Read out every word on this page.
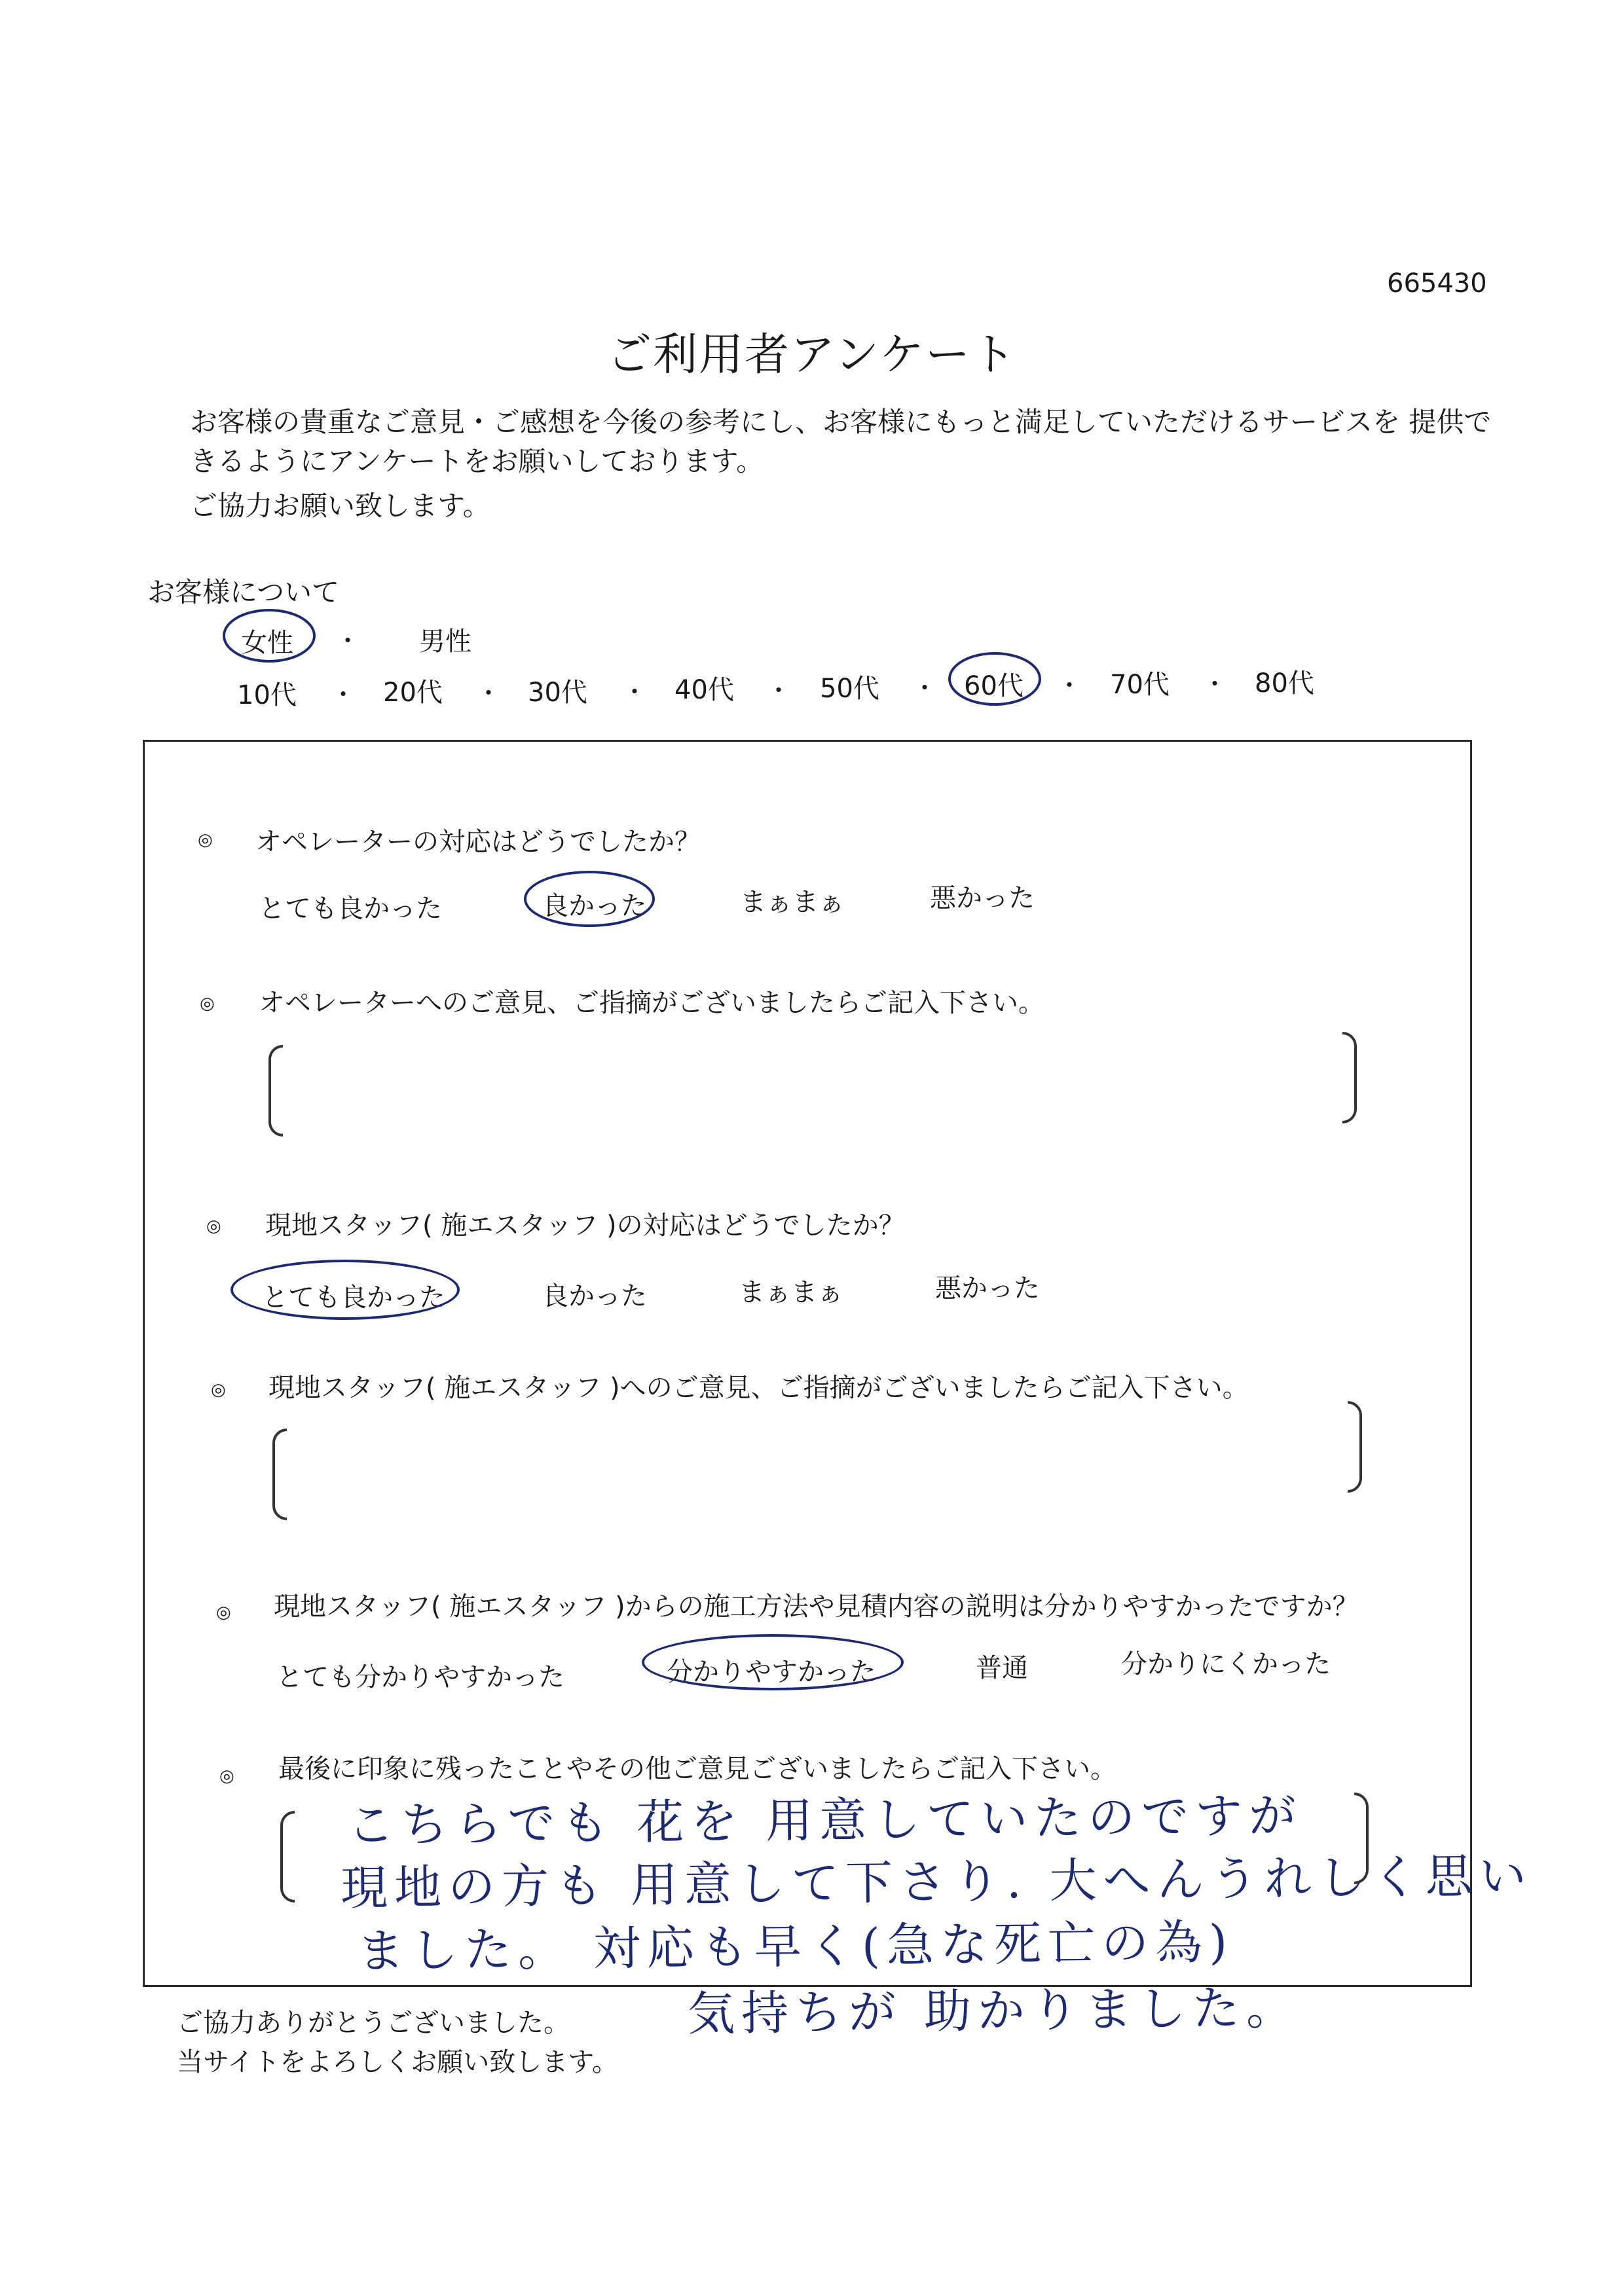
665430
ご利用者アンケート
お客様の貴重なご意見・ご感想を今後の参考にし、お客様にもっと満足していただけるサービスを 提供で
きるようにアンケートをお願いしております。
ご協力お願い致します。
お客様について
女性 ・ 男性
10代 ・ 20代 ・ 30代 ・ 40代 ・ 50代 ・ 60代 ・ 70代 ・ 80代
◎ オペレーターの対応はどうでしたか？
とても良かった	良かった	まぁまぁ	悪かった
◎ オペレーターへのご意見、ご指摘がございましたらご記入下さい。
◎ 現地スタッフ( 施エスタッフ )の対応はどうでしたか？
とても良かった	良かった	まぁまぁ	悪かった
◎ 現地スタッフ( 施エスタッフ )へのご意見、ご指摘がございましたらご記入下さい。
◎ 現地スタッフ( 施エスタッフ )からの施工方法や見積内容の説明は分かりやすかったですか？
とても分かりやすかった	分かりやすかった	普通	分かりにくかった
◎ 最後に印象に残ったことやその他ご意見ございましたらご記入下さい。
こちらでも 花を 用意していたのですが
現地の方も 用意して下さり. 大へんうれしく思い
ました。 対応も早く(急な死亡の為)
気持ちが 助かりました。
ご協力ありがとうございました。
当サイトをよろしくお願い致します。
